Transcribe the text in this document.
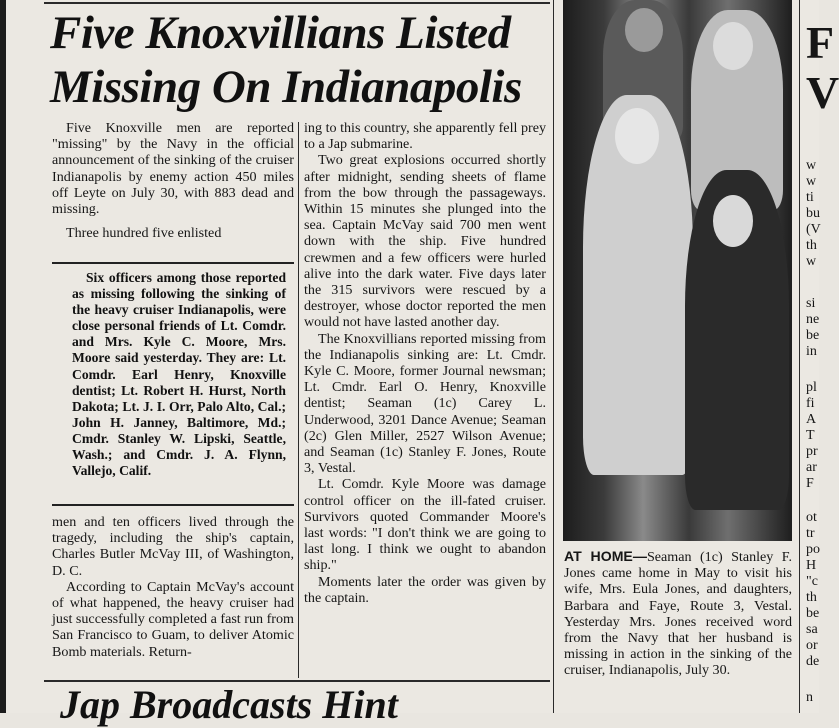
Five Knoxvillians Listed
Missing On Indianapolis

Five Knoxville men are reported "missing" by the Navy in the official announcement of the sinking of the cruiser Indianapolis by enemy action 450 miles off Leyte on July 30, with 883 dead and missing.

Three hundred five enlisted

Six officers among those reported as missing following the sinking of the heavy cruiser Indianapolis, were close personal friends of Lt. Comdr. and Mrs. Kyle C. Moore, Mrs. Moore said yesterday. They are: Lt. Comdr. Earl Henry, Knoxville dentist; Lt. Robert H. Hurst, North Dakota; Lt. J. I. Orr, Palo Alto, Cal.; John H. Janney, Baltimore, Md.; Cmdr. Stanley W. Lipski, Seattle, Wash.; and Cmdr. J. A. Flynn, Vallejo, Calif.

men and ten officers lived through the tragedy, including the ship's captain, Charles Butler McVay III, of Washington, D. C.

According to Captain McVay's account of what happened, the heavy cruiser had just successfully completed a fast run from San Francisco to Guam, to deliver Atomic Bomb materials. Return-

ing to this country, she apparently fell prey to a Jap submarine.

Two great explosions occurred shortly after midnight, sending sheets of flame from the bow through the passageways. Within 15 minutes she plunged into the sea. Captain McVay said 700 men went down with the ship. Five hundred crewmen and a few officers were hurled alive into the dark water. Five days later the 315 survivors were rescued by a destroyer, whose doctor reported the men would not have lasted another day.

The Knoxvillians reported missing from the Indianapolis sinking are: Lt. Cmdr. Kyle C. Moore, former Journal newsman; Lt. Cmdr. Earl O. Henry, Knoxville dentist; Seaman (1c) Carey L. Underwood, 3201 Dance Avenue; Seaman (2c) Glen Miller, 2527 Wilson Avenue; and Seaman (1c) Stanley F. Jones, Route 3, Vestal.

Lt. Comdr. Kyle Moore was damage control officer on the ill-fated cruiser. Survivors quoted Commander Moore's last words: "I don't think we are going to last long. I think we ought to abandon ship."

Moments later the order was given by the captain.

AT HOME—Seaman (1c) Stanley F. Jones came home in May to visit his wife, Mrs. Eula Jones, and daughters, Barbara and Faye, Route 3, Vestal. Yesterday Mrs. Jones received word from the Navy that her husband is missing in action in the sinking of the cruiser, Indianapolis, July 30.
Jap Broadcasts Hint
F
V
w
w
ti
bu
(V
th
w
si
ne
be
in
pl
fi
A
T
pr
ar
F
ot
tr
po
H
"c
th
be
sa
or
de
n
